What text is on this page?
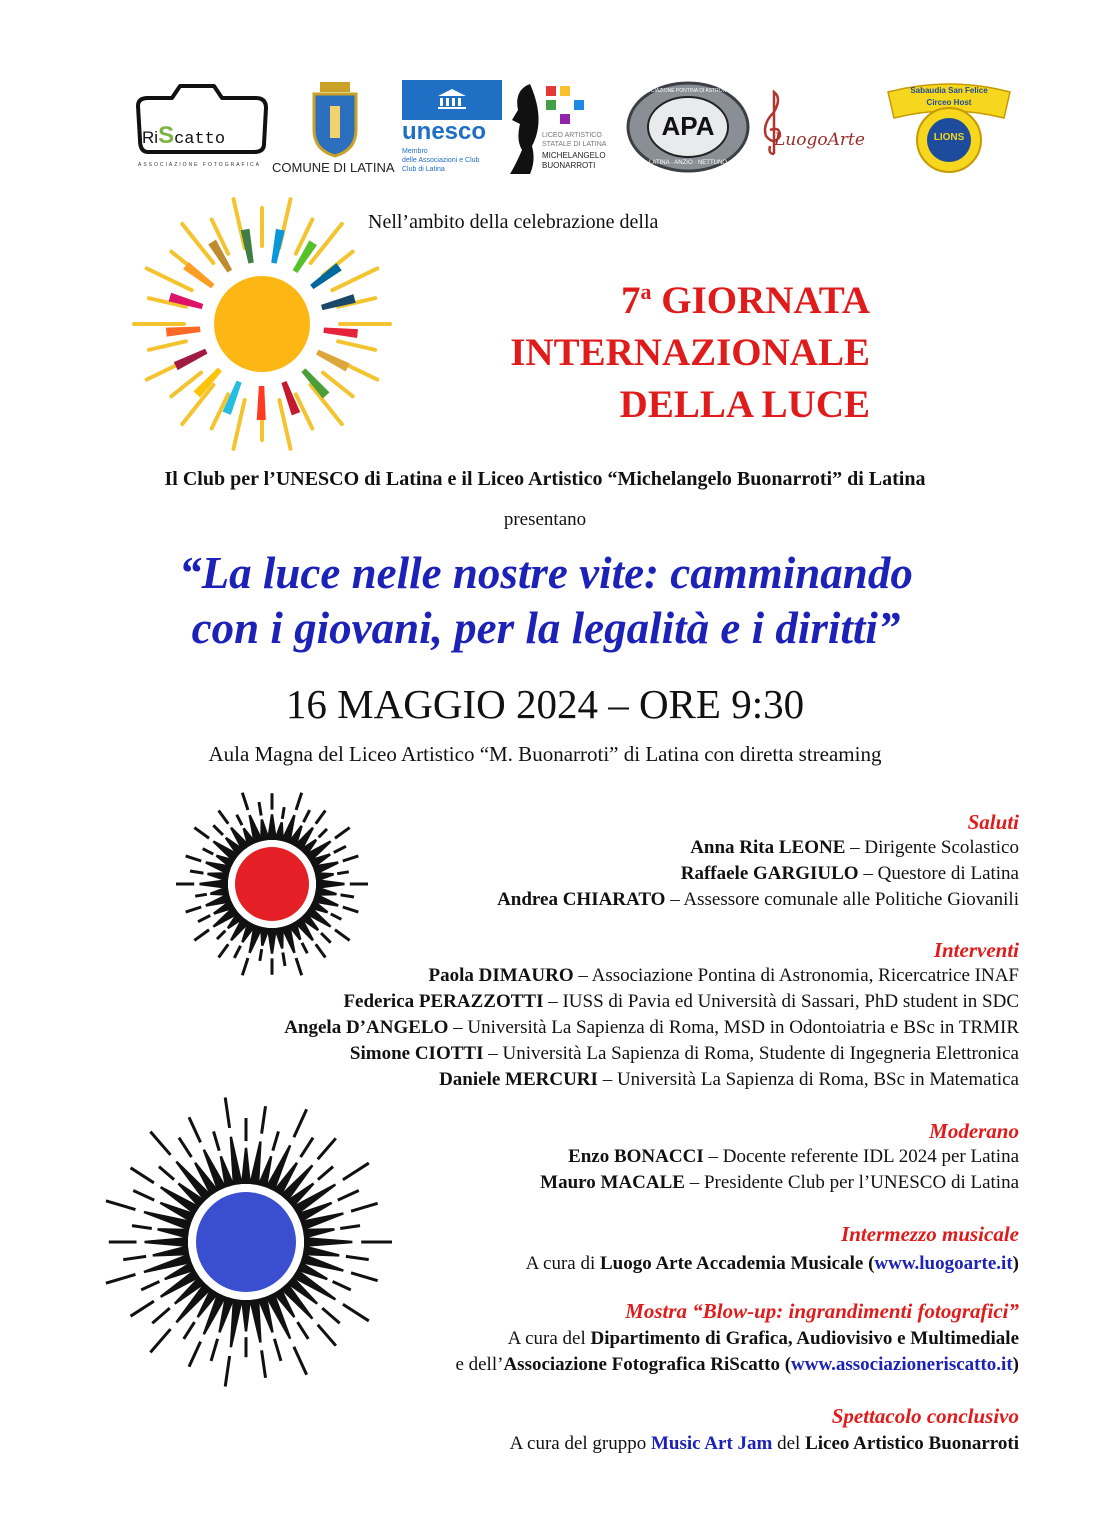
RiScatto
ASSOCIAZIONE FOTOGRAFICA COMUNE DI LATINA
unesco
Membro
delle Associazioni e Club
Club di Latina
LICEO ARTISTICO
STATALE DI LATINA
MICHELANGELO
BUONARROTI
APA
ASSOCIAZIONE PONTINA DI ASTRONOMIA
LATINA · ANZIO · NETTUNO
LuogoArte
Sabaudia San Felice
Circeo Host
LIONS
Nell’ambito della celebrazione della
7$^a$ GIORNATA
INTERNAZIONALE
DELLA LUCE
Il Club per l’UNESCO di Latina e il Liceo Artistico “Michelangelo Buonarroti” di Latina
presentano
“La luce nelle nostre vite: camminando
con i giovani, per la legalità e i diritti”
16 MAGGIO 2024 – ORE 9:30
Aula Magna del Liceo Artistico “M. Buonarroti” di Latina con diretta streaming
Saluti
Anna Rita LEONE – Dirigente Scolastico
Raffaele GARGIULO – Questore di Latina
Andrea CHIARATO – Assessore comunale alle Politiche Giovanili
Interventi
Paola DIMAURO – Associazione Pontina di Astronomia, Ricercatrice INAF
Federica PERAZZOTTI – IUSS di Pavia ed Università di Sassari, PhD student in SDC
Angela D’ANGELO – Università La Sapienza di Roma, MSD in Odontoiatria e BSc in TRMIR
Simone CIOTTI – Università La Sapienza di Roma, Studente di Ingegneria Elettronica
Daniele MERCURI – Università La Sapienza di Roma, BSc in Matematica
Moderano
Enzo BONACCI – Docente referente IDL 2024 per Latina
Mauro MACALE – Presidente Club per l’UNESCO di Latina
Intermezzo musicale
A cura di Luogo Arte Accademia Musicale (www.luogoarte.it)
Mostra “Blow-up: ingrandimenti fotografici”
A cura del Dipartimento di Grafica, Audiovisivo e Multimediale
e dell’Associazione Fotografica RiScatto (www.associazioneriscatto.it)
Spettacolo conclusivo
A cura del gruppo Music Art Jam del Liceo Artistico Buonarroti
